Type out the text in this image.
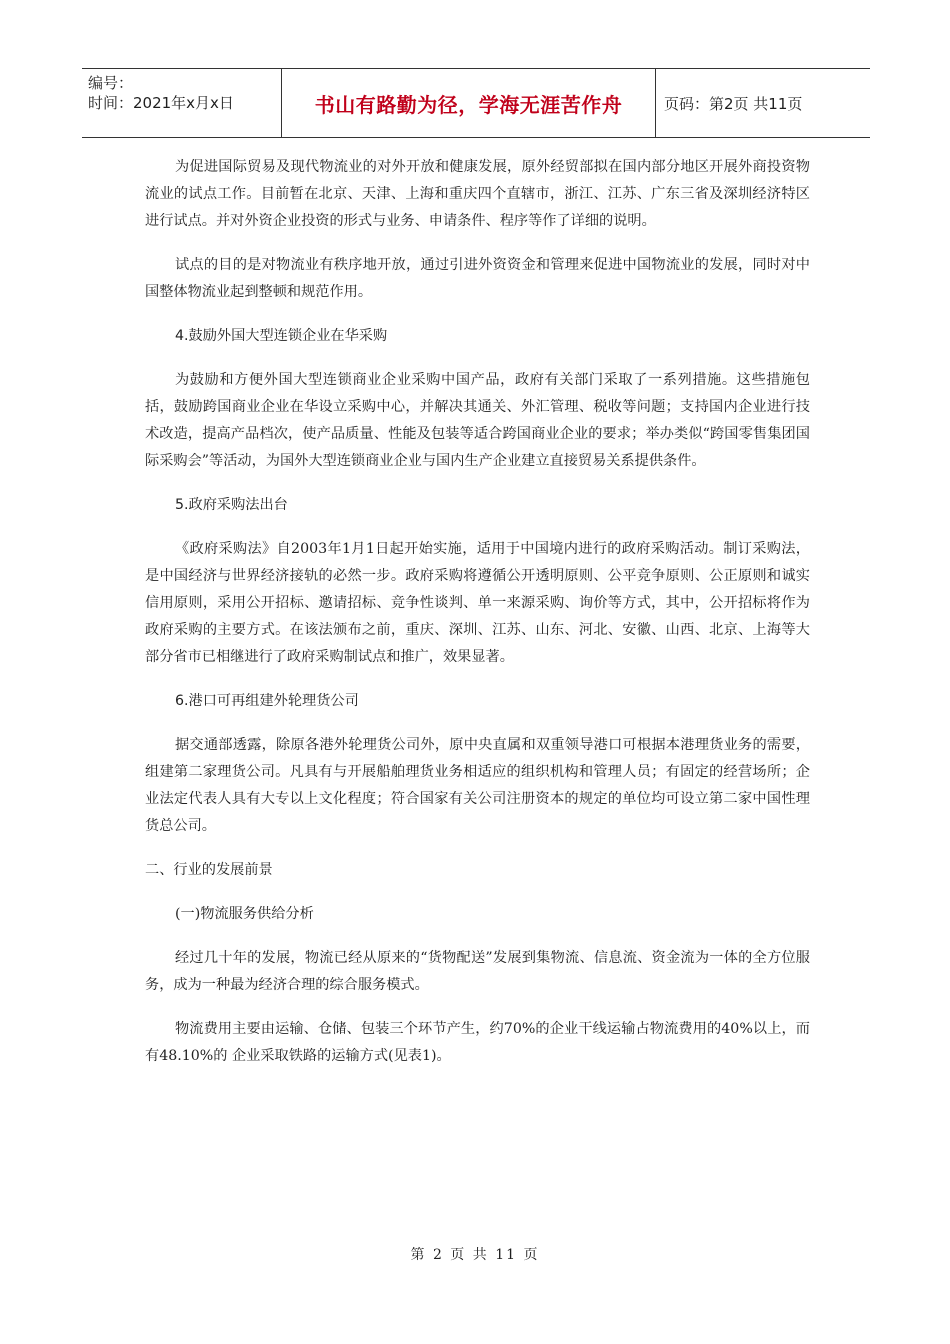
编号：
时间：2021年x月x日	书山有路勤为径，学海无涯苦作舟	页码：第2页 共11页

为促进国际贸易及现代物流业的对外开放和健康发展，原外经贸部拟在国内部分地区开展外商投资物流业的试点工作。目前暂在北京、天津、上海和重庆四个直辖市，浙江、江苏、广东三省及深圳经济特区进行试点。并对外资企业投资的形式与业务、申请条件、程序等作了详细的说明。

试点的目的是对物流业有秩序地开放，通过引进外资资金和管理来促进中国物流业的发展，同时对中国整体物流业起到整顿和规范作用。

4.鼓励外国大型连锁企业在华采购

为鼓励和方便外国大型连锁商业企业采购中国产品，政府有关部门采取了一系列措施。这些措施包括，鼓励跨国商业企业在华设立采购中心，并解决其通关、外汇管理、税收等问题；支持国内企业进行技术改造，提高产品档次，使产品质量、性能及包装等适合跨国商业企业的要求；举办类似“跨国零售集团国际采购会”等活动，为国外大型连锁商业企业与国内生产企业建立直接贸易关系提供条件。

5.政府采购法出台

《政府采购法》自2003年1月1日起开始实施，适用于中国境内进行的政府采购活动。制订采购法，是中国经济与世界经济接轨的必然一步。政府采购将遵循公开透明原则、公平竞争原则、公正原则和诚实信用原则，采用公开招标、邀请招标、竞争性谈判、单一来源采购、询价等方式，其中，公开招标将作为政府采购的主要方式。在该法颁布之前，重庆、深圳、江苏、山东、河北、安徽、山西、北京、上海等大部分省市已相继进行了政府采购制试点和推广，效果显著。

6.港口可再组建外轮理货公司

据交通部透露，除原各港外轮理货公司外，原中央直属和双重领导港口可根据本港理货业务的需要，组建第二家理货公司。凡具有与开展船舶理货业务相适应的组织机构和管理人员；有固定的经营场所；企业法定代表人具有大专以上文化程度；符合国家有关公司注册资本的规定的单位均可设立第二家中国性理货总公司。

二、行业的发展前景

(一)物流服务供给分析

经过几十年的发展，物流已经从原来的“货物配送”发展到集物流、信息流、资金流为一体的全方位服务，成为一种最为经济合理的综合服务模式。

物流费用主要由运输、仓储、包装三个环节产生，约70%的企业干线运输占物流费用的40%以上，而有48.10%的 企业采取铁路的运输方式(见表1)。

第 2 页 共 11 页
